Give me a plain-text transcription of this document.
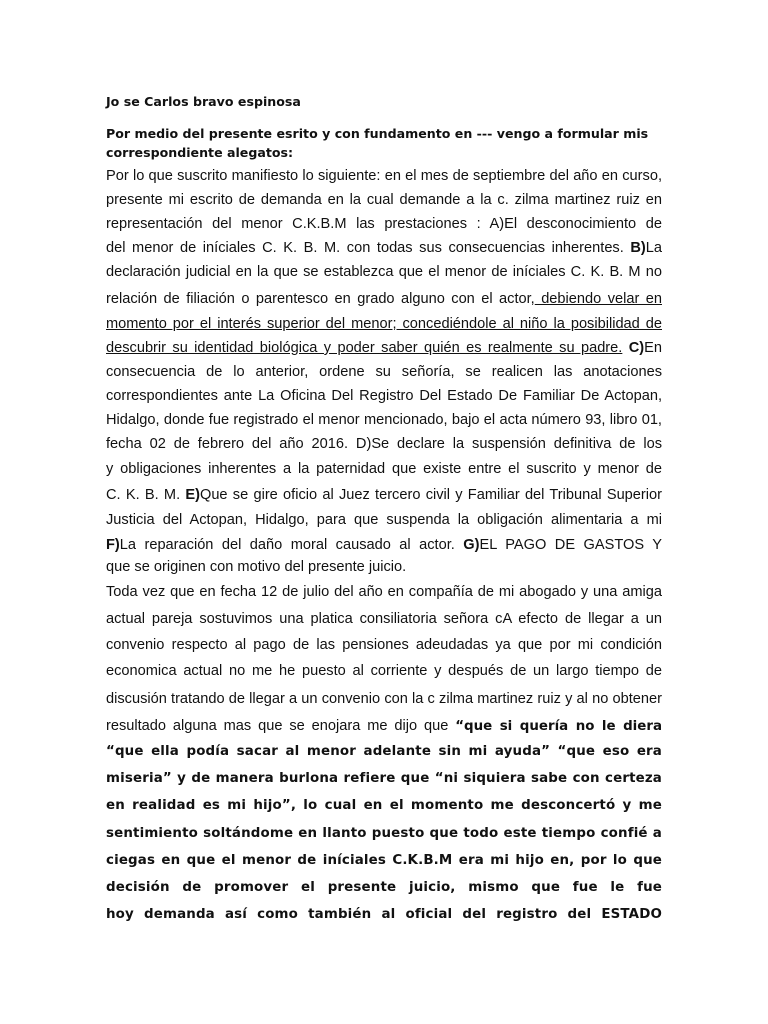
Jo se Carlos bravo espinosa
Por medio del presente esrito y con fundamento en --- vengo a formular mis correspondiente alegatos:
Por lo que suscrito manifiesto lo siguiente: en el mes de septiembre del año en curso,
presente mi escrito de demanda en la cual demande a la c. zilma martinez ruiz en
representación del menor C.K.B.M las prestaciones : A)El desconocimiento de
del menor de iníciales C. K. B. M. con todas sus consecuencias inherentes. B)La
declaración judicial en la que se establezca que el menor de iníciales C. K. B. M no
relación de filiación o parentesco en grado alguno con el actor, debiendo velar en
momento por el interés superior del menor; concediéndole al niño la posibilidad de
descubrir su identidad biológica y poder saber quién es realmente su padre. C)En
consecuencia de lo anterior, ordene su señoría, se realicen las anotaciones
correspondientes ante La Oficina Del Registro Del Estado De Familiar De Actopan,
Hidalgo, donde fue registrado el menor mencionado, bajo el acta número 93, libro 01,
fecha 02 de febrero del año 2016. D)Se declare la suspensión definitiva de los
y obligaciones inherentes a la paternidad que existe entre el suscrito y menor de
C. K. B. M. E)Que se gire oficio al Juez tercero civil y Familiar del Tribunal Superior
Justicia del Actopan, Hidalgo, para que suspenda la obligación alimentaria a mi
F)La reparación del daño moral causado al actor. G)EL PAGO DE GASTOS Y
que se originen con motivo del presente juicio.
Toda vez que en fecha 12 de julio del año en compañía de mi abogado y una amiga
actual pareja sostuvimos una platica consiliatoria señora cA efecto de llegar a un
convenio respecto al pago de las pensiones adeudadas ya que por mi condición
economica actual no me he puesto al corriente y después de un largo tiempo de
discusión tratando de llegar a un convenio con la c zilma martinez ruiz y al no obtener
resultado alguna mas que se enojara me dijo que “que si quería no le diera
“que ella podía sacar al menor adelante sin mi ayuda” “que eso era
miseria” y de manera burlona refiere que “ni siquiera sabe con certeza
en realidad es mi hijo”, lo cual en el momento me desconcertó y me
sentimiento soltándome en llanto puesto que todo este tiempo confié a
ciegas en que el menor de iníciales C.K.B.M era mi hijo en, por lo que
decisión de promover el presente juicio, mismo que fue le fue
hoy demanda así como también al oficial del registro del ESTADO
